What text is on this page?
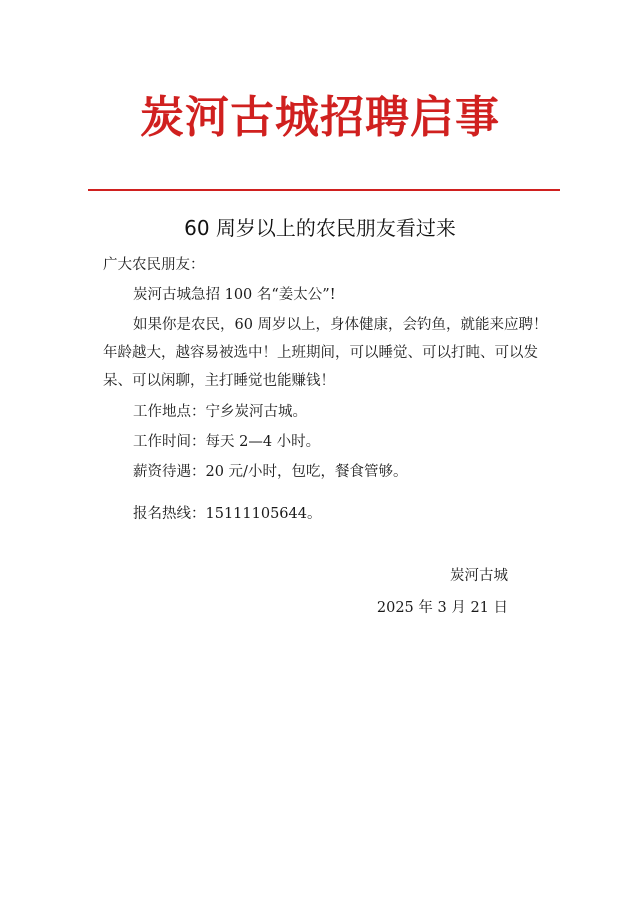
炭河古城招聘启事
60 周岁以上的农民朋友看过来
广大农民朋友：
炭河古城急招 100 名“姜太公”!
如果你是农民，60 周岁以上，身体健康，会钓鱼，就能来应聘！年龄越大，越容易被选中！上班期间，可以睡觉、可以打盹、可以发呆、可以闲聊，主打睡觉也能赚钱！
工作地点：宁乡炭河古城。
工作时间：每天 2—4 小时。
薪资待遇：20 元/小时，包吃，餐食管够。
报名热线：15111105644。
炭河古城
2025 年 3 月 21 日
